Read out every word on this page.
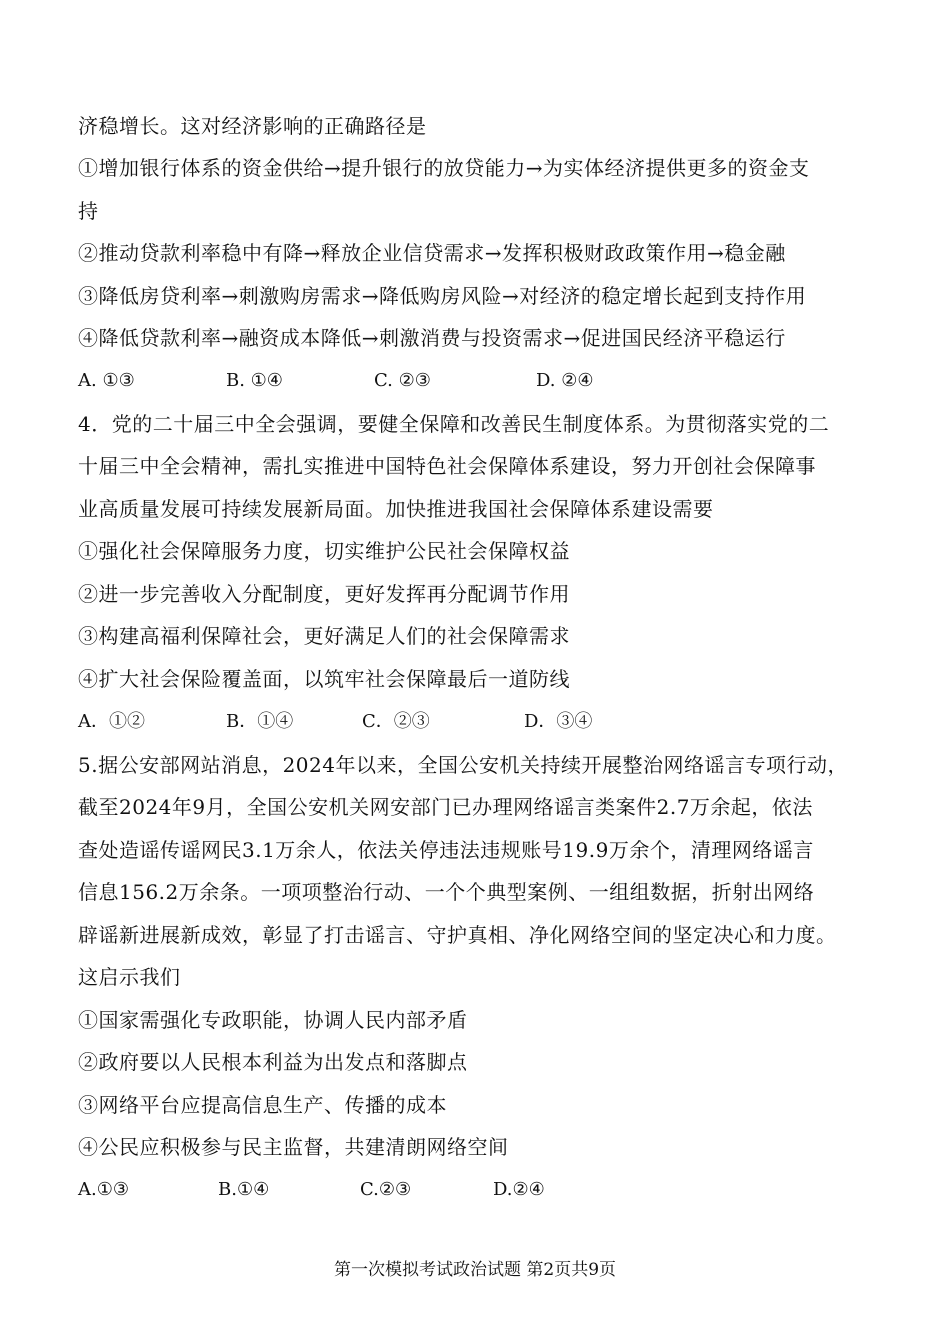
济稳增长。这对经济影响的正确路径是
①增加银行体系的资金供给→提升银行的放贷能力→为实体经济提供更多的资金支
持
②推动贷款利率稳中有降→释放企业信贷需求→发挥积极财政政策作用→稳金融
③降低房贷利率→刺激购房需求→降低购房风险→对经济的稳定增长起到支持作用
④降低贷款利率→融资成本降低→刺激消费与投资需求→促进国民经济平稳运行
A. ①③	B. ①④	C. ②③	D. ②④
4．党的二十届三中全会强调，要健全保障和改善民生制度体系。为贯彻落实党的二
十届三中全会精神，需扎实推进中国特色社会保障体系建设，努力开创社会保障事
业高质量发展可持续发展新局面。加快推进我国社会保障体系建设需要
①强化社会保障服务力度，切实维护公民社会保障权益
②进一步完善收入分配制度，更好发挥再分配调节作用
③构建高福利保障社会，更好满足人们的社会保障需求
④扩大社会保险覆盖面，以筑牢社会保障最后一道防线
A．①②	B．①④	C．②③	D．③④
5.据公安部网站消息，2024年以来，全国公安机关持续开展整治网络谣言专项行动，
截至2024年9月，全国公安机关网安部门已办理网络谣言类案件2.7万余起，依法
查处造谣传谣网民3.1万余人，依法关停违法违规账号19.9万余个，清理网络谣言
信息156.2万余条。一项项整治行动、一个个典型案例、一组组数据，折射出网络
辟谣新进展新成效，彰显了打击谣言、守护真相、净化网络空间的坚定决心和力度。
这启示我们
①国家需强化专政职能，协调人民内部矛盾
②政府要以人民根本利益为出发点和落脚点
③网络平台应提高信息生产、传播的成本
④公民应积极参与民主监督，共建清朗网络空间
A.①③	B.①④	C.②③	D.②④
第一次模拟考试政治试题 第2页共9页
